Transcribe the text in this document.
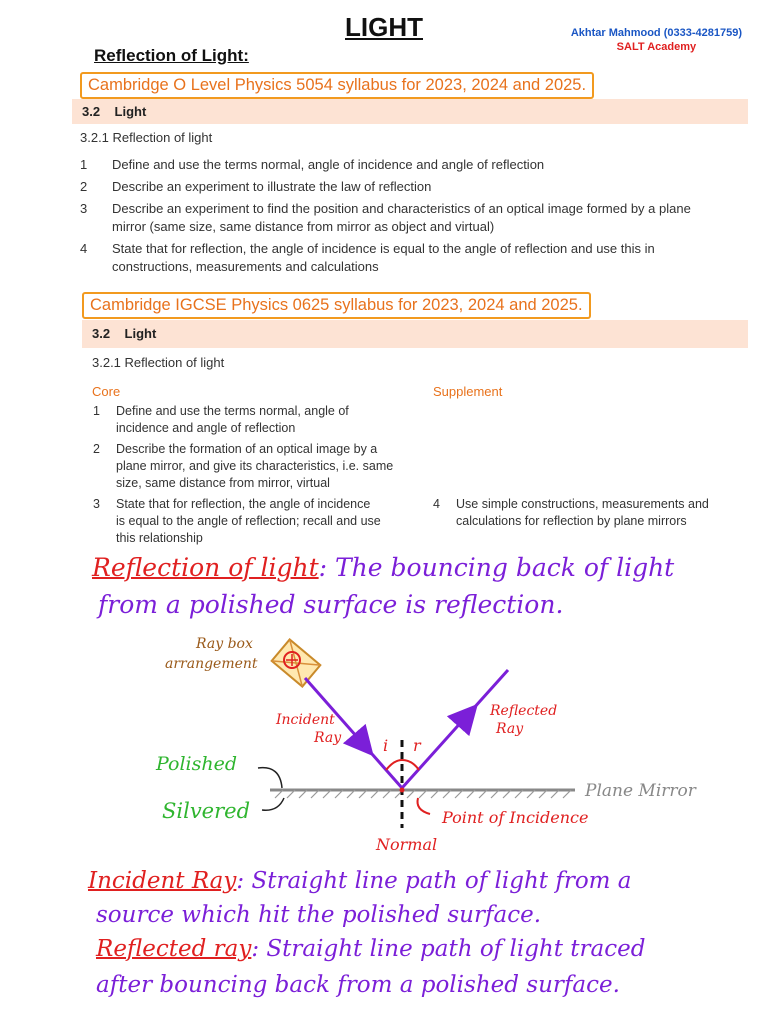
LIGHT	Akhtar Mahmood (0333-4281759)
SALT Academy
Reflection of Light:
Cambridge O Level Physics 5054 syllabus for 2023, 2024 and 2025.
3.2 Light
3.2.1 Reflection of light
1 Define and use the terms normal, angle of incidence and angle of reflection
2 Describe an experiment to illustrate the law of reflection
3 Describe an experiment to find the position and characteristics of an optical image formed by a plane
mirror (same size, same distance from mirror as object and virtual)
4 State that for reflection, the angle of incidence is equal to the angle of reflection and use this in
constructions, measurements and calculations
Cambridge IGCSE Physics 0625 syllabus for 2023, 2024 and 2025.
3.2 Light
3.2.1 Reflection of light
Core	Supplement
1 Define and use the terms normal, angle of
incidence and angle of reflection
2 Describe the formation of an optical image by a
plane mirror, and give its characteristics, i.e. same
size, same distance from mirror, virtual
3 State that for reflection, the angle of incidence
is equal to the angle of reflection; recall and use
this relationship
4 Use simple constructions, measurements and
calculations for reflection by plane mirrors
Reflection of light: The bouncing back of light
from a polished surface is reflection.
Ray box
arrangement
Incident
Ray
Reflected
Ray
i r
Polished
Silvered
Plane Mirror
Point of Incidence
Normal
Incident Ray: Straight line path of light from a
source which hit the polished surface.
Reflected ray: Straight line path of light traced
after bouncing back from a polished surface.
